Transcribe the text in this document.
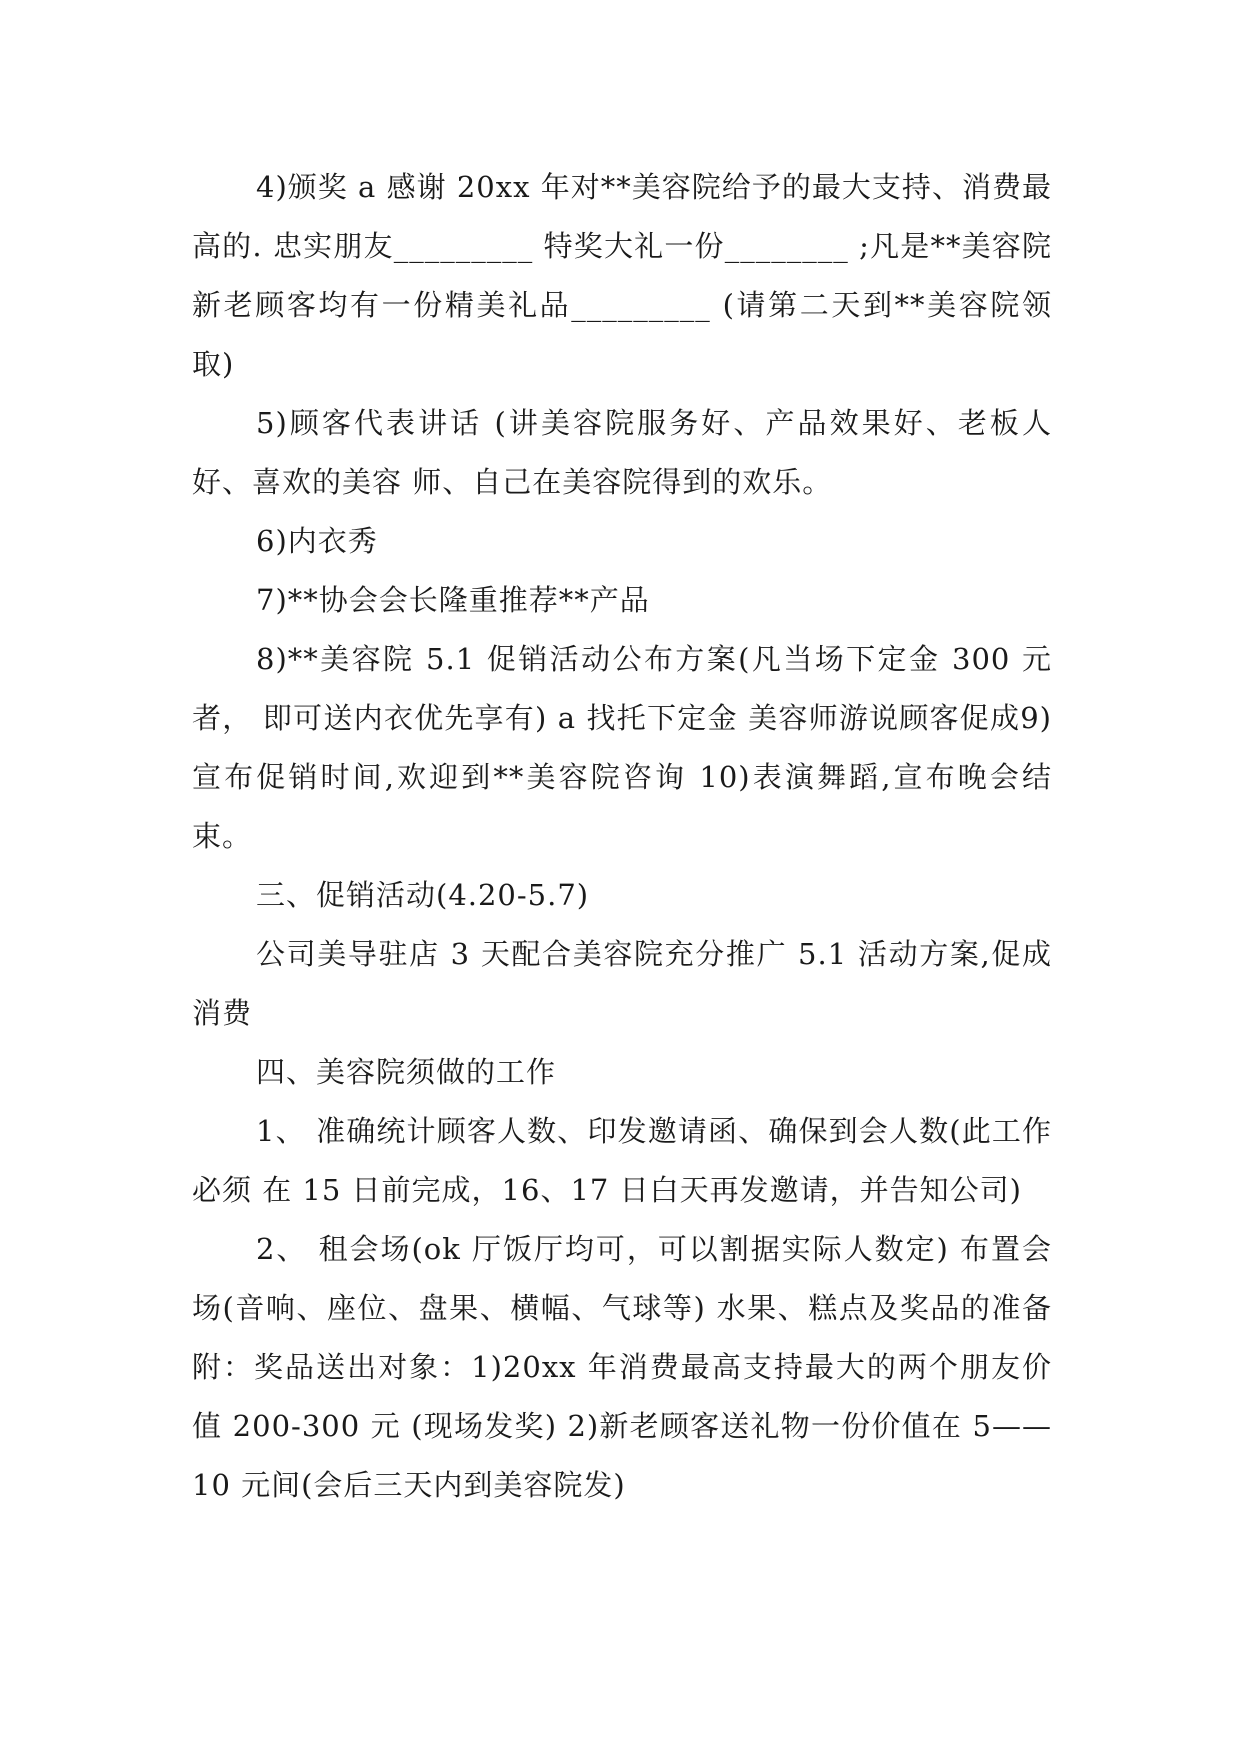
4)颁奖 a 感谢 20xx 年对**美容院给予的最大支持、消费最高的. 忠实朋友_________ 特奖大礼一份________ ;凡是**美容院新老顾客均有一份精美礼品_________ (请第二天到**美容院领取)

5)顾客代表讲话 (讲美容院服务好、产品效果好、老板人好、喜欢的美容 师、自己在美容院得到的欢乐。

6)内衣秀

7)**协会会长隆重推荐**产品

8)**美容院 5.1 促销活动公布方案(凡当场下定金 300 元者， 即可送内衣优先享有) a 找托下定金 美容师游说顾客促成9)宣布促销时间,欢迎到**美容院咨询 10)表演舞蹈,宣布晚会结束。

三、促销活动(4.20-5.7)

公司美导驻店 3 天配合美容院充分推广 5.1 活动方案,促成消费

四、美容院须做的工作

1、 准确统计顾客人数、印发邀请函、确保到会人数(此工作必须 在 15 日前完成，16、17 日白天再发邀请，并告知公司)

2、 租会场(ok 厅饭厅均可，可以割据实际人数定) 布置会场(音响、座位、盘果、横幅、气球等) 水果、糕点及奖品的准备附：奖品送出对象：1)20xx 年消费最高支持最大的两个朋友价值 200-300 元 (现场发奖) 2)新老顾客送礼物一份价值在 5——10 元间(会后三天内到美容院发)
